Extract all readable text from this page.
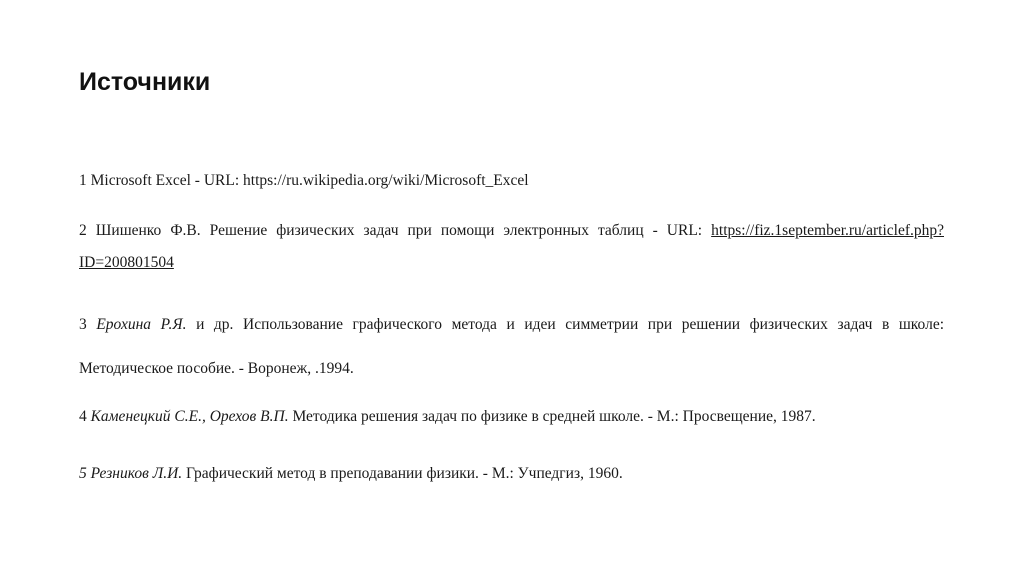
Источники

1 Microsoft Excel - URL: https://ru.wikipedia.org/wiki/Microsoft_Excel

2 Шишенко Ф.В. Решение физических задач при помощи электронных таблиц - URL: https://fiz.1september.ru/articlef.php?ID=200801504

3 Ерохина Р.Я. и др. Использование графического метода и идеи симметрии при решении физических задач в школе: Методическое пособие. - Воронеж, .1994.

4 Каменецкий С.Е., Орехов В.П. Методика решения задач по физике в средней школе. - М.: Просвещение, 1987.

5 Резников Л.И. Графический метод в преподавании физики. - М.: Учпедгиз, 1960.
